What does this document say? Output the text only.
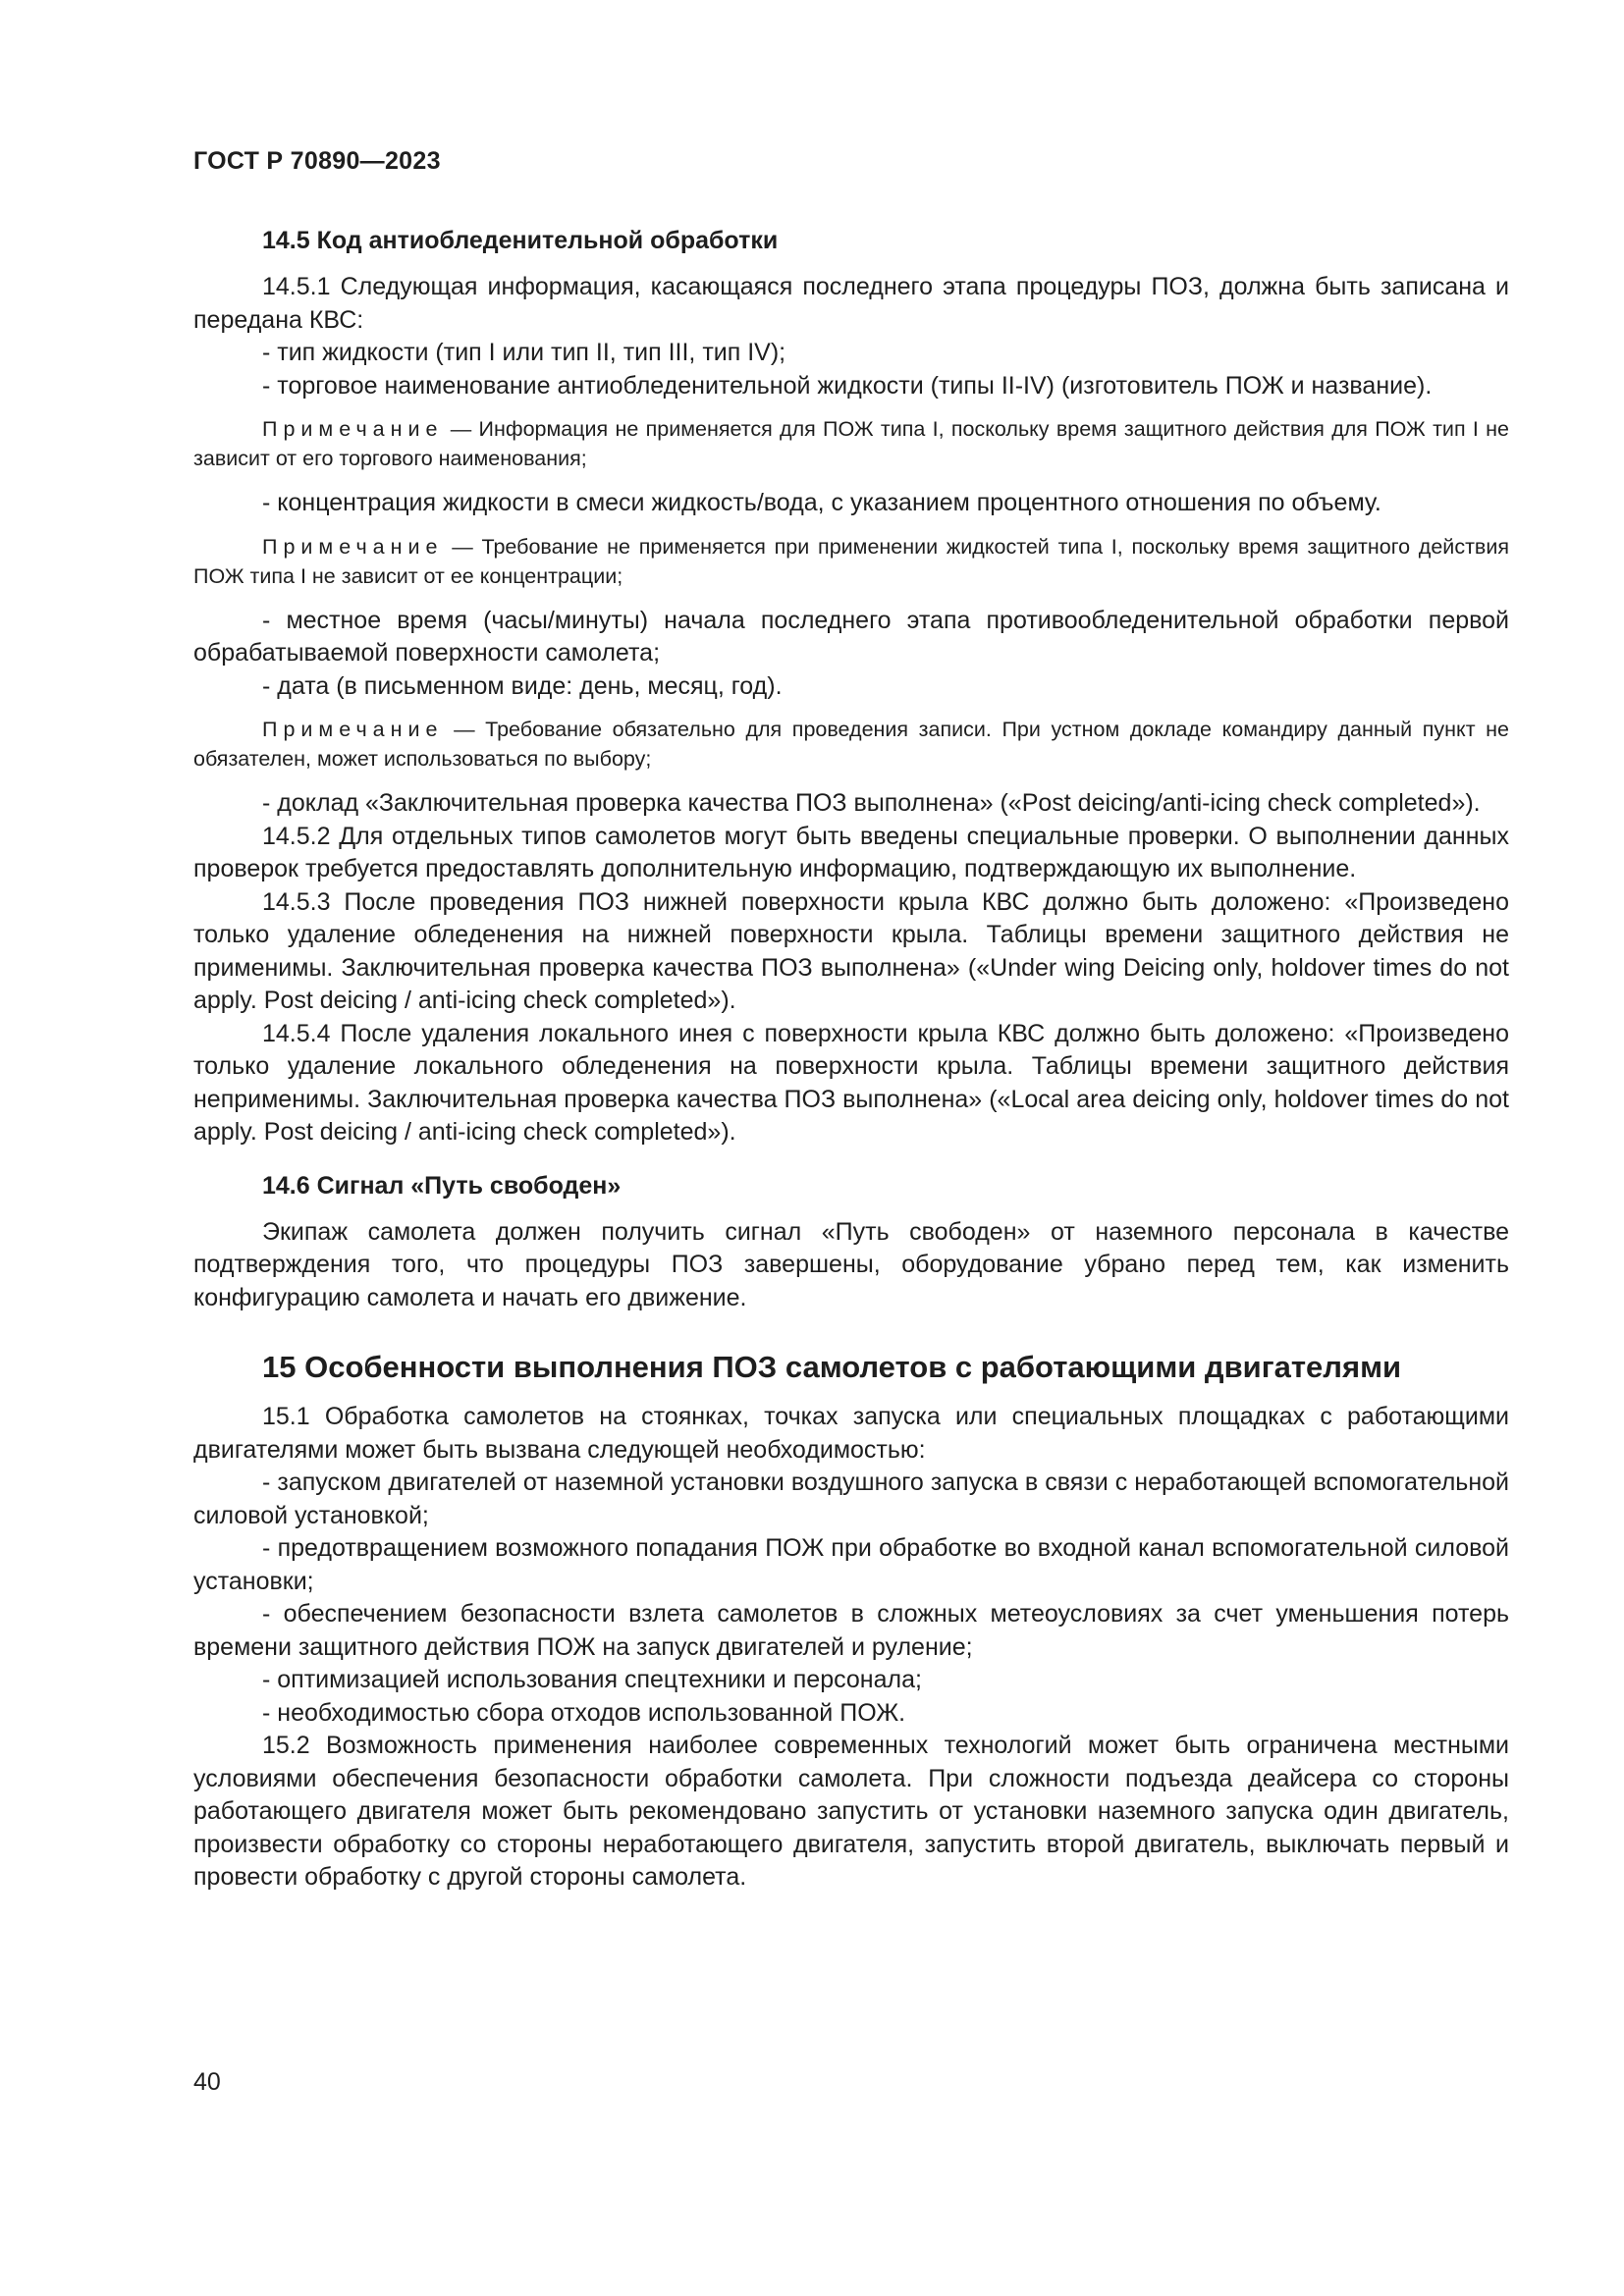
ГОСТ Р 70890—2023
14.5 Код антиобледенительной обработки

14.5.1 Следующая информация, касающаяся последнего этапа процедуры ПОЗ, должна быть записана и передана КВС:

- тип жидкости (тип I или тип II, тип III, тип IV);

- торговое наименование антиобледенительной жидкости (типы II-IV) (изготовитель ПОЖ и название).

Примечание — Информация не применяется для ПОЖ типа I, поскольку время защитного действия для ПОЖ тип I не зависит от его торгового наименования;

- концентрация жидкости в смеси жидкость/вода, с указанием процентного отношения по объему.

Примечание — Требование не применяется при применении жидкостей типа I, поскольку время защитного действия ПОЖ типа I не зависит от ее концентрации;

- местное время (часы/минуты) начала последнего этапа противообледенительной обработки первой обрабатываемой поверхности самолета;

- дата (в письменном виде: день, месяц, год).

Примечание — Требование обязательно для проведения записи. При устном докладе командиру данный пункт не обязателен, может использоваться по выбору;

- доклад «Заключительная проверка качества ПОЗ выполнена» («Post deicing/anti-icing check completed»).

14.5.2 Для отдельных типов самолетов могут быть введены специальные проверки. О выполнении данных проверок требуется предоставлять дополнительную информацию, подтверждающую их выполнение.

14.5.3 После проведения ПОЗ нижней поверхности крыла КВС должно быть доложено: «Произведено только удаление обледенения на нижней поверхности крыла. Таблицы времени защитного действия не применимы. Заключительная проверка качества ПОЗ выполнена» («Under wing Deicing only, holdover times do not apply. Post deicing / anti-icing check completed»).

14.5.4 После удаления локального инея с поверхности крыла КВС должно быть доложено: «Произведено только удаление локального обледенения на поверхности крыла. Таблицы времени защитного действия неприменимы. Заключительная проверка качества ПОЗ выполнена» («Local area deicing only, holdover times do not apply. Post deicing / anti-icing check completed»).

14.6 Сигнал «Путь свободен»

Экипаж самолета должен получить сигнал «Путь свободен» от наземного персонала в качестве подтверждения того, что процедуры ПОЗ завершены, оборудование убрано перед тем, как изменить конфигурацию самолета и начать его движение.

15 Особенности выполнения ПОЗ самолетов с работающими двигателями

15.1 Обработка самолетов на стоянках, точках запуска или специальных площадках с работающими двигателями может быть вызвана следующей необходимостью:

- запуском двигателей от наземной установки воздушного запуска в связи с неработающей вспомогательной силовой установкой;

- предотвращением возможного попадания ПОЖ при обработке во входной канал вспомогательной силовой установки;

- обеспечением безопасности взлета самолетов в сложных метеоусловиях за счет уменьшения потерь времени защитного действия ПОЖ на запуск двигателей и руление;

- оптимизацией использования спецтехники и персонала;

- необходимостью сбора отходов использованной ПОЖ.

15.2 Возможность применения наиболее современных технологий может быть ограничена местными условиями обеспечения безопасности обработки самолета. При сложности подъезда деайсера со стороны работающего двигателя может быть рекомендовано запустить от установки наземного запуска один двигатель, произвести обработку со стороны неработающего двигателя, запустить второй двигатель, выключать первый и провести обработку с другой стороны самолета.

40
